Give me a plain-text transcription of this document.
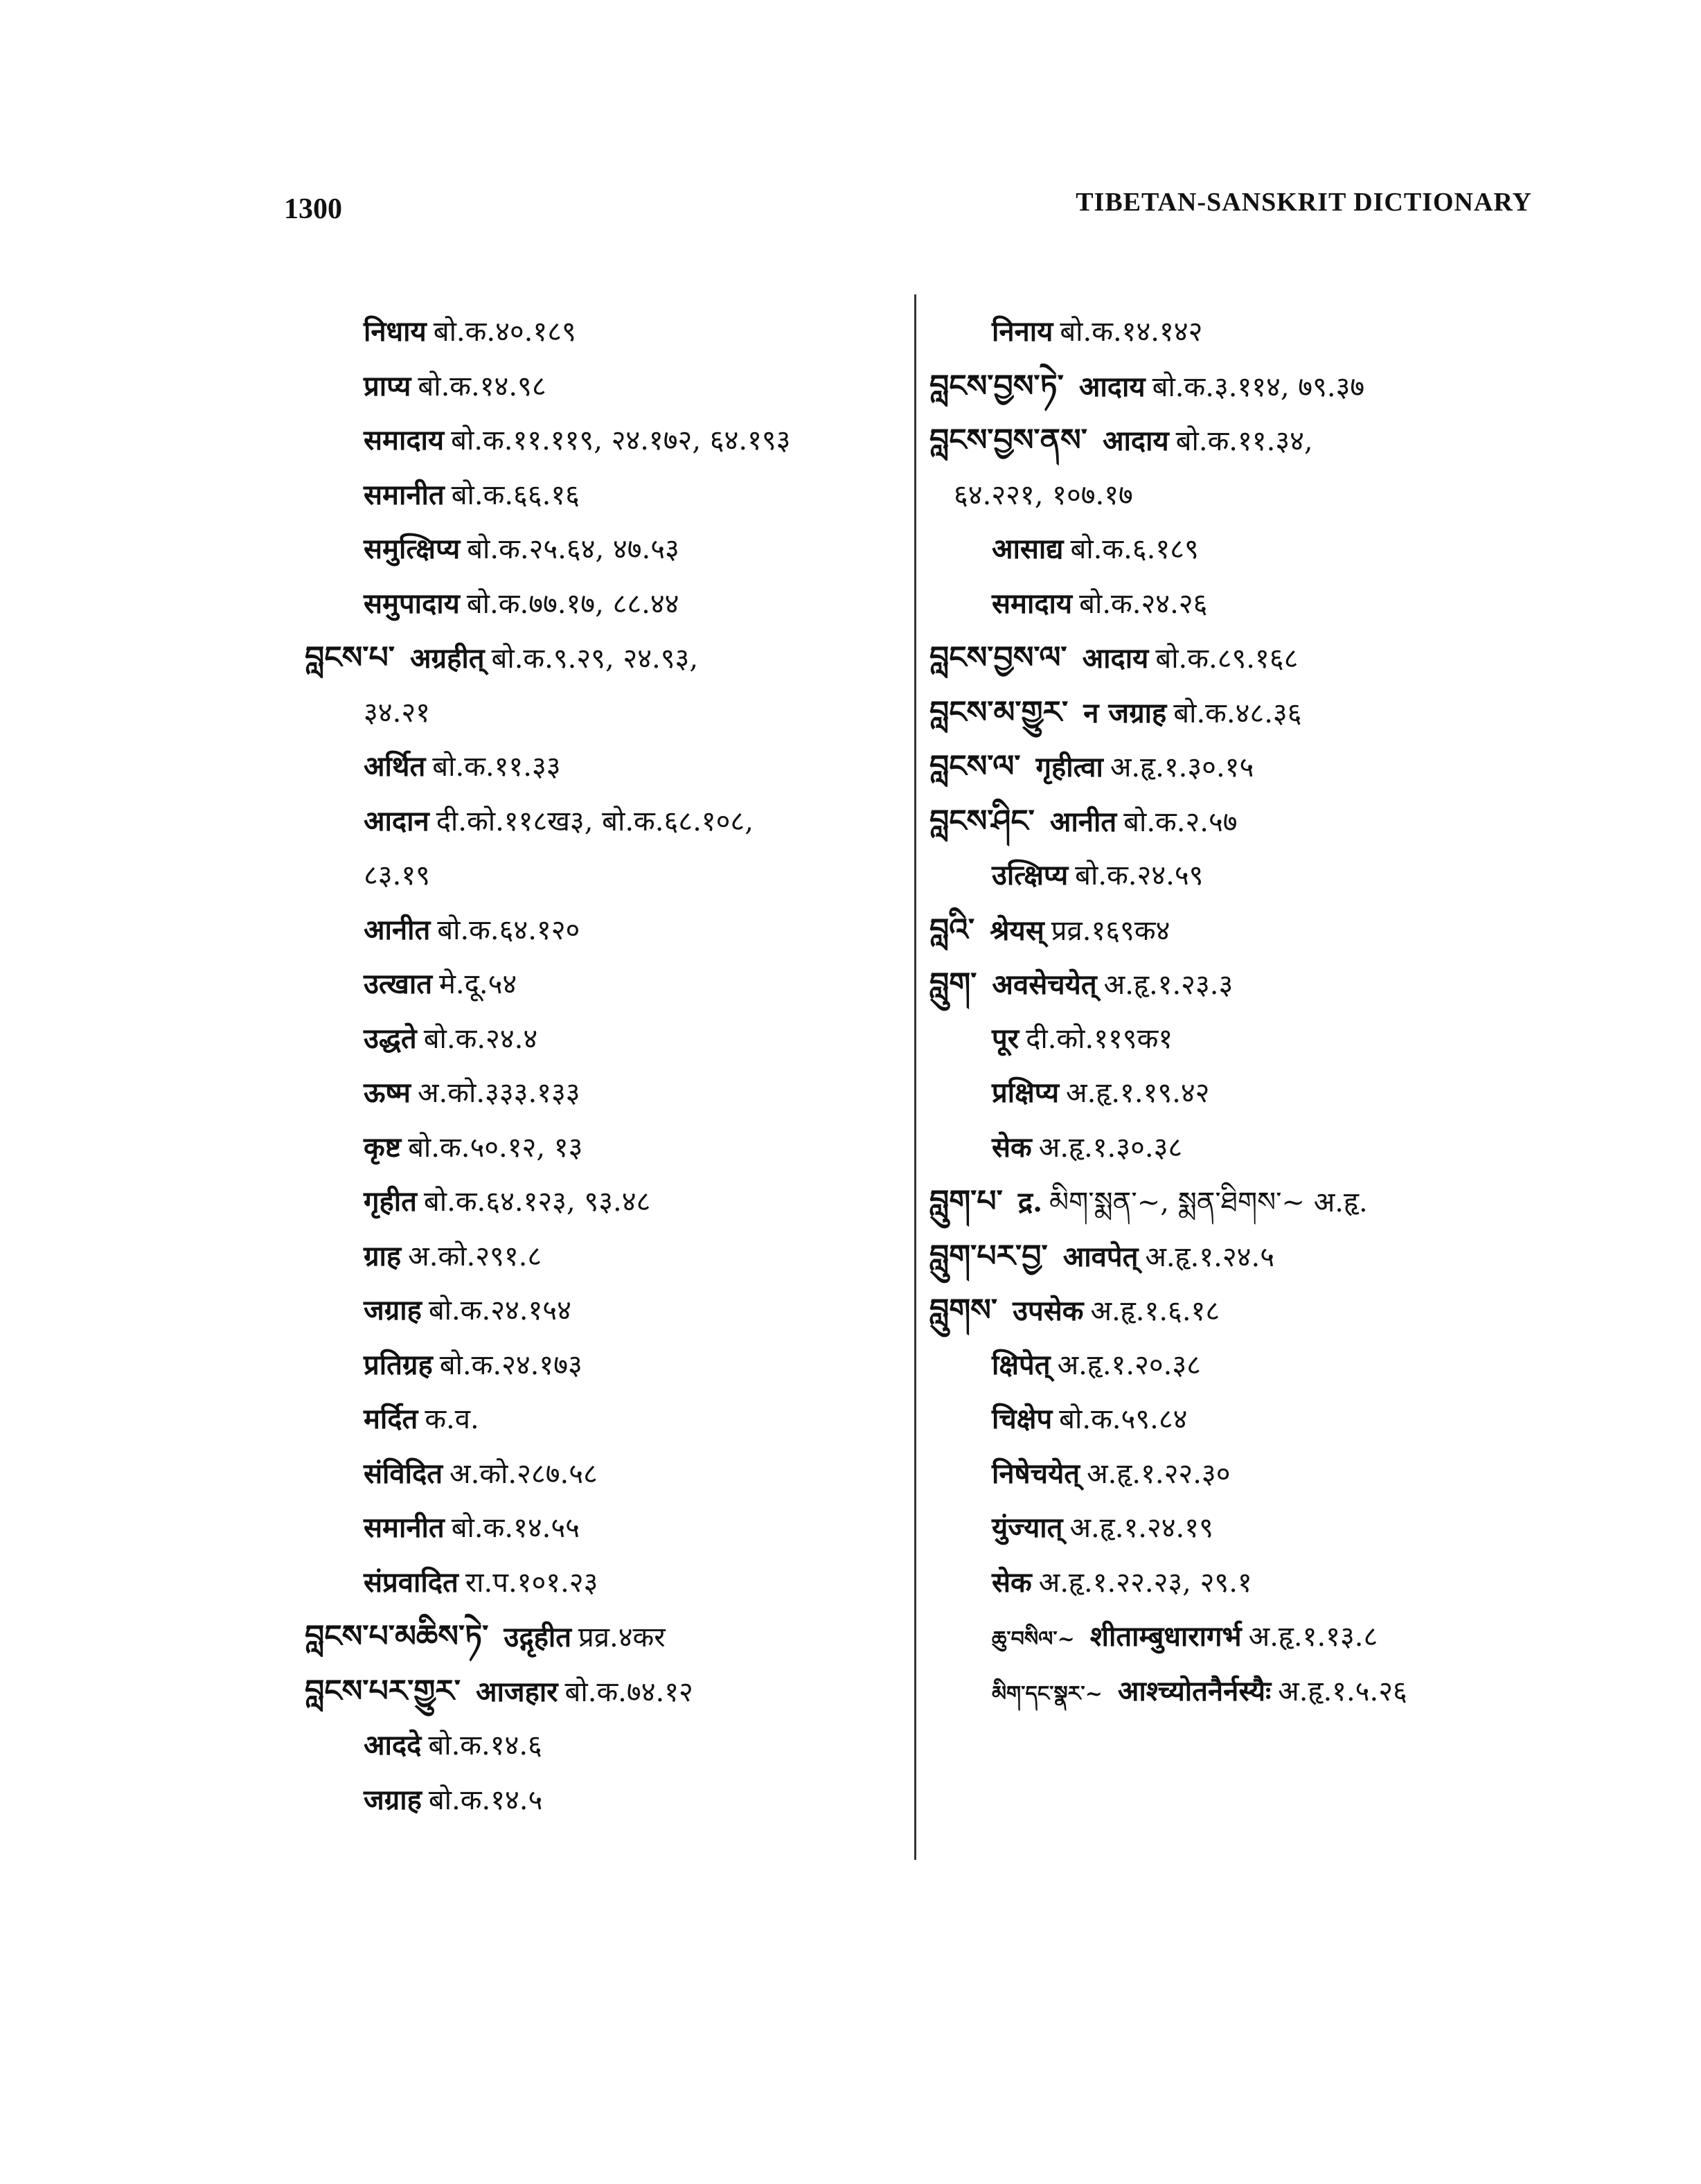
1300	TIBETAN-SANSKRIT DICTIONARY
निधाय बो.क.४०.१८९
प्राप्य बो.क.१४.९८
समादाय बो.क.११.११९, २४.१७२, ६४.१९३
समानीत बो.क.६६.१६
समुत्क्षिप्य बो.क.२५.६४, ४७.५३
समुपादाय बो.क.७७.१७, ८८.४४
བླངས་པ་ अग्रहीत् बो.क.९.२९, २४.९३,
३४.२१
अर्थित बो.क.११.३३
आदान दी.को.११८ख३, बो.क.६८.१०८,
८३.१९
आनीत बो.क.६४.१२०
उत्खात मे.दू.५४
उद्धते बो.क.२४.४
ऊष्म अ.को.३३३.१३३
कृष्ट बो.क.५०.१२, १३
गृहीत बो.क.६४.१२३, ९३.४८
ग्राह अ.को.२९१.८
जग्राह बो.क.२४.१५४
प्रतिग्रह बो.क.२४.१७३
मर्दित क.व.
संविदित अ.को.२८७.५८
समानीत बो.क.१४.५५
संप्रवादित रा.प.१०१.२३
བླངས་པ་མཆིས་ཏེ་ उद्गृहीत प्रव्र.४कर
བླངས་པར་གྱུར་ आजहार बो.क.७४.१२
आददे बो.क.१४.६
जग्राह बो.क.१४.५
निनाय बो.क.१४.१४२
བླངས་བྱས་ཏེ་ आदाय बो.क.३.११४, ७९.३७
བླངས་བྱས་ནས་ आदाय बो.क.११.३४,
६४.२२१, १०७.१७
आसाद्य बो.क.६.१८९
समादाय बो.क.२४.२६
བླངས་བྱས་ལ་ आदाय बो.क.८९.१६८
བླངས་མ་གྱུར་ न जग्राह बो.क.४८.३६
བླངས་ལ་ गृहीत्वा अ.हृ.१.३०.१५
བླངས་ཤིང་ आनीत बो.क.२.५७
उत्क्षिप्य बो.क.२४.५९
བླའི་ श्रेयस् प्रव्र.१६९क४
བླུག་ अवसेचयेत् अ.हृ.१.२३.३
पूर दी.को.११९क१
प्रक्षिप्य अ.हृ.१.१९.४२
सेक अ.हृ.१.३०.३८
བླུག་པ་ द्र. མིག་སྨན་~, སྨན་ཐིགས་~ अ.हृ.
བླུག་པར་བྱ་ आवपेत् अ.हृ.१.२४.५
བླུགས་ उपसेक अ.हृ.१.६.१८
क्षिपेत् अ.हृ.१.२०.३८
चिक्षेप बो.क.५९.८४
निषेचयेत् अ.हृ.१.२२.३०
युंज्यात् अ.हृ.१.२४.१९
सेक अ.हृ.१.२२.२३, २९.१
ཆུ་བསིལ་~ शीताम्बुधारागर्भ अ.हृ.१.१३.८
མིག་དང་སྣར་~ आश्च्योतनैर्नस्यैः अ.हृ.१.५.२६
